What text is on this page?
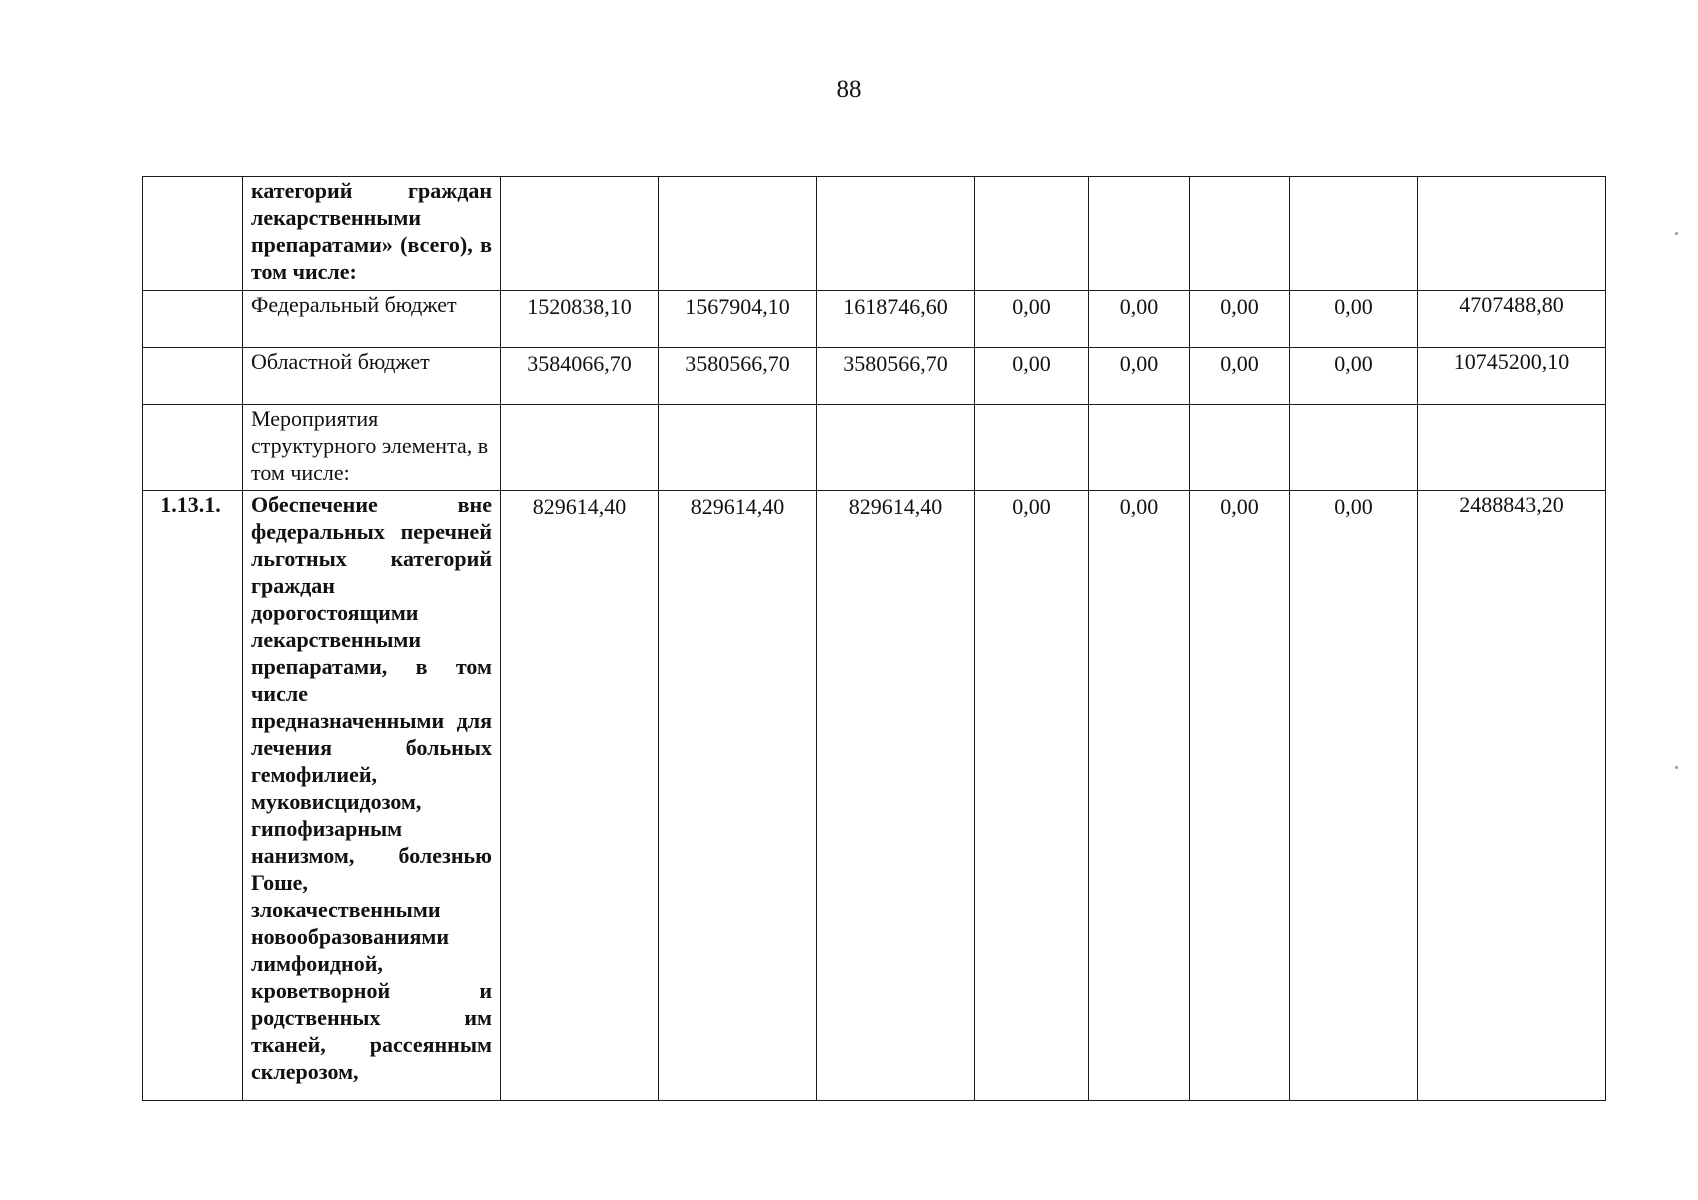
88
	категорий граждан лекарственными препаратами» (всего), в том числе:								
	Федеральный бюджет	1520838,10	1567904,10	1618746,60	0,00	0,00	0,00	0,00	4707488,80
	Областной бюджет	3584066,70	3580566,70	3580566,70	0,00	0,00	0,00	0,00	10745200,10
	Мероприятия структурного элемента, в том числе:								
1.13.1.	Обеспечение вне федеральных перечней льготных категорий граждан дорогостоящими лекарственными препаратами, в том числе предназначенными для лечения больных гемофилией, муковисцидозом, гипофизарным нанизмом, болезнью Гоше, злокачественными новообразованиями лимфоидной, кроветворной и родственных им тканей, рассеянным склерозом,	829614,40	829614,40	829614,40	0,00	0,00	0,00	0,00	2488843,20
